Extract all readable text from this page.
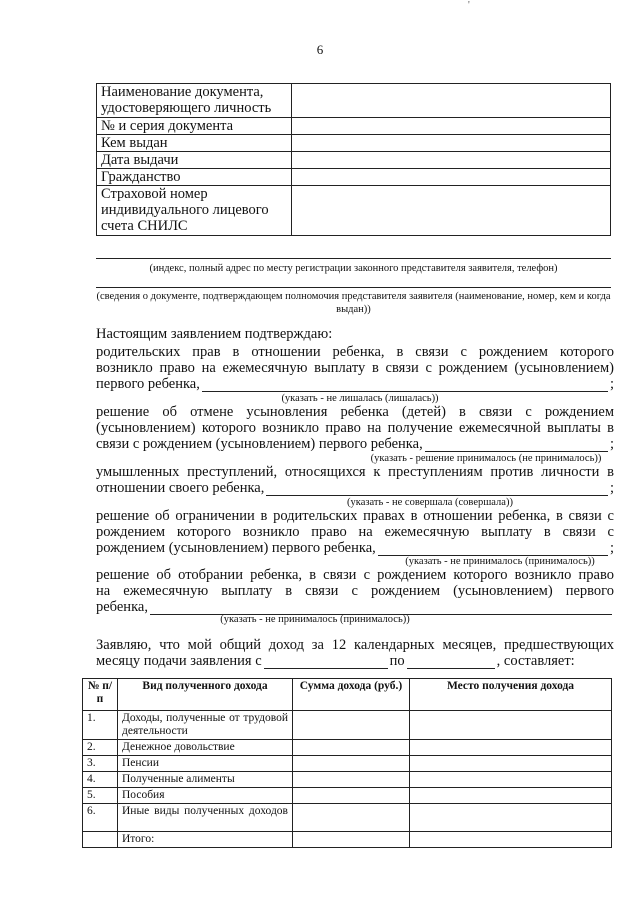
'
6
Наименование документа, удостоверяющего личность	
№ и серия документа	
Кем выдан	
Дата выдачи	
Гражданство	
Страховой номер индивидуального лицевого счета СНИЛС	
(индекс, полный адрес по месту регистрации законного представителя заявителя, телефон)
(сведения о документе, подтверждающем полномочия представителя заявителя (наименование, номер, кем и когда выдан))
Настоящим заявлением подтверждаю:
родительских прав в отношении ребенка, в связи с рождением которого
возникло право на ежемесячную выплату в связи с рождением (усыновлением)
первого ребенка,	;
(указать - не лишалась (лишалась))
решение об отмене усыновления ребенка (детей) в связи с рождением
(усыновлением) которого возникло право на получение ежемесячной выплаты в
связи с рождением (усыновлением) первого ребенка,	;
(указать - решение принималось (не принималось))
умышленных преступлений, относящихся к преступлениям против личности в
отношении своего ребенка,	;
(указать - не совершала (совершала))
решение об ограничении в родительских правах в отношении ребенка, в связи с
рождением которого возникло право на ежемесячную выплату в связи с
рождением (усыновлением) первого ребенка,	;
(указать - не принималось (принималось))
решение об отобрании ребенка, в связи с рождением которого возникло право
на ежемесячную выплату в связи с рождением (усыновлением) первого
ребенка,
(указать - не принималось (принималось))
Заявляю, что мой общий доход за 12 календарных месяцев, предшествующих
месяцу подачи заявления с	по	, составляет:
№ п/п	Вид полученного дохода	Сумма дохода (руб.)	Место получения дохода
1.	Доходы, полученные от трудовой деятельности		
2.	Денежное довольствие		
3.	Пенсии		
4.	Полученные алименты		
5.	Пособия		
6.	Иные виды полученных доходов		
	Итого:		
